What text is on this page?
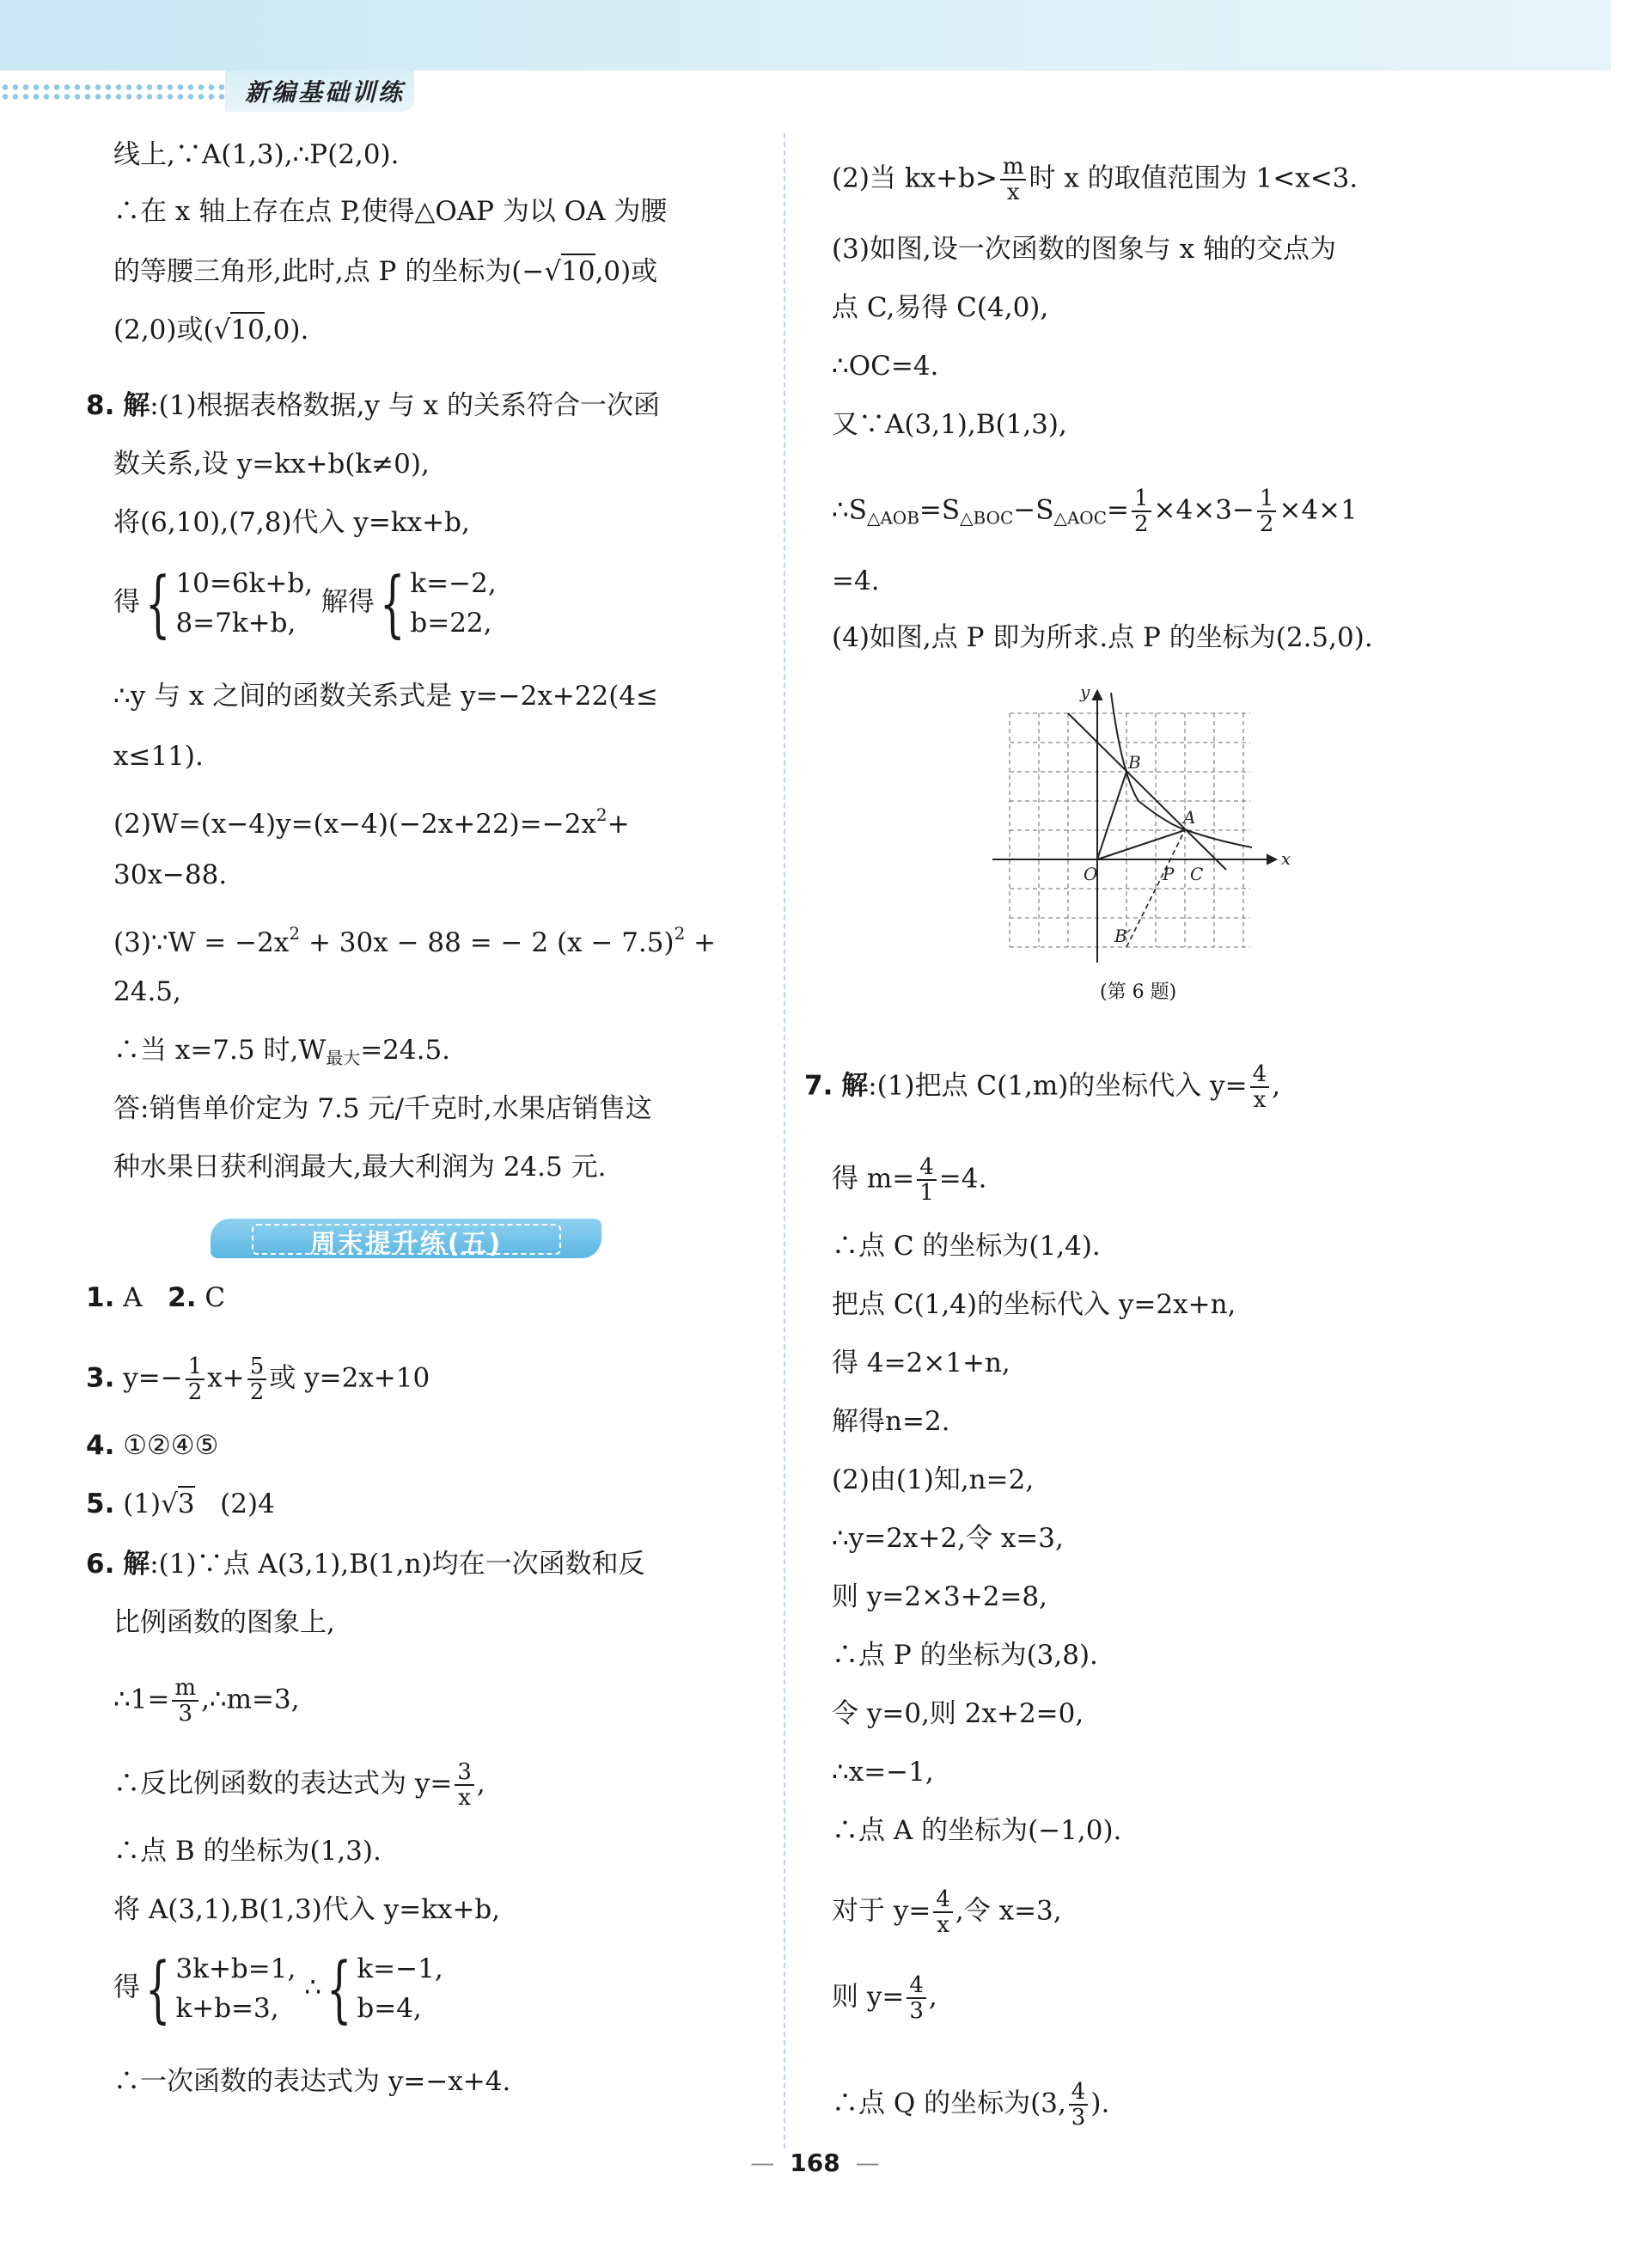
新编基础训练
线上,∵A(1,3),∴P(2,0).
∴在 x 轴上存在点 P,使得△OAP 为以 OA 为腰
的等腰三角形,此时,点 P 的坐标为(−√10,0)或
(2,0)或(√10,0).
8. 解:(1)根据表格数据,y 与 x 的关系符合一次函
数关系,设 y=kx+b(k≠0),
将(6,10),(7,8)代入 y=kx+b,
得{ 10=6k+b,
8=7k+b,
解得{ k=−2,
b=22,
∴y 与 x 之间的函数关系式是 y=−2x+22(4≤
x≤11).
$(2)W=(x-4)y=(x-4)(-2x+22)=-2x^2+$
30x−88.
(3)∵W = $-2x^2 + 30x - 88$ = − 2 $(x - 7.5)^2$ +
24.5,
∴当 x=7.5 时$,W_{最大}=24.5$.
答:销售单价定为 7.5 元/千克时,水果店销售这
种水果日获利润最大,最大利润为 24.5 元.
周末提升练(五)
1. A 2. C
3. $y=- \frac{1}{2} x+ \frac{5}{2}$ 或 y=2x+10
4. ①②④⑤
5. (1)√3   (2)4
6. 解:(1)∵点 A(3,1),B(1,n)均在一次函数和反
比例函数的图象上,
∴1= $\frac{m}{3}$ ,∴m=3,
∴反比例函数的表达式为 $y= \frac{3}{x}$ ,
∴点 B 的坐标为(1,3).
将 A(3,1),B(1,3)代入 y=kx+b,
得{ 3k+b=1,
k+b=3,
∴{ k=−1,
b=4,
∴一次函数的表达式为 y=−x+4.
(2)当 $kx+b> \frac{m}{x}$ 时 x 的取值范围为 1<x<3.
(3)如图,设一次函数的图象与 x 轴的交点为
点 C,易得 C(4,0),
∴OC=4.
又∵A(3,1),B(1,3),
$\therefore S_{\triangle AOB}=S_{\triangle BOC}-S_{\triangle AOC}= \frac{1}{2} \times 4\times 3- \frac{1}{2} \times 4\times 1$
=4.
(4)如图,点 P 即为所求.点 P 的坐标为(2.5,0).
y
x
O
B
A
P C
B′
(第 6 题)
7. 解:(1)把点 C(1,m)的坐标代入 $y= \frac{4}{x}$ ,
得 $m= \frac{4}{1} =4$.
∴点 C 的坐标为(1,4).
把点 C(1,4)的坐标代入 y=2x+n,
得 4=2×1+n,
解得n=2.
(2)由(1)知,n=2,
∴y=2x+2,令 x=3,
则 y=2×3+2=8,
∴点 P 的坐标为(3,8).
令 y=0,则 2x+2=0,
∴x=−1,
∴点 A 的坐标为(−1,0).
对于 $y= \frac{4}{x}$ ,令 x=3,
则 $y= \frac{4}{3}$ ,
∴点 Q 的坐标为(3, $\frac{4}{3}$ ).
— 168 —
